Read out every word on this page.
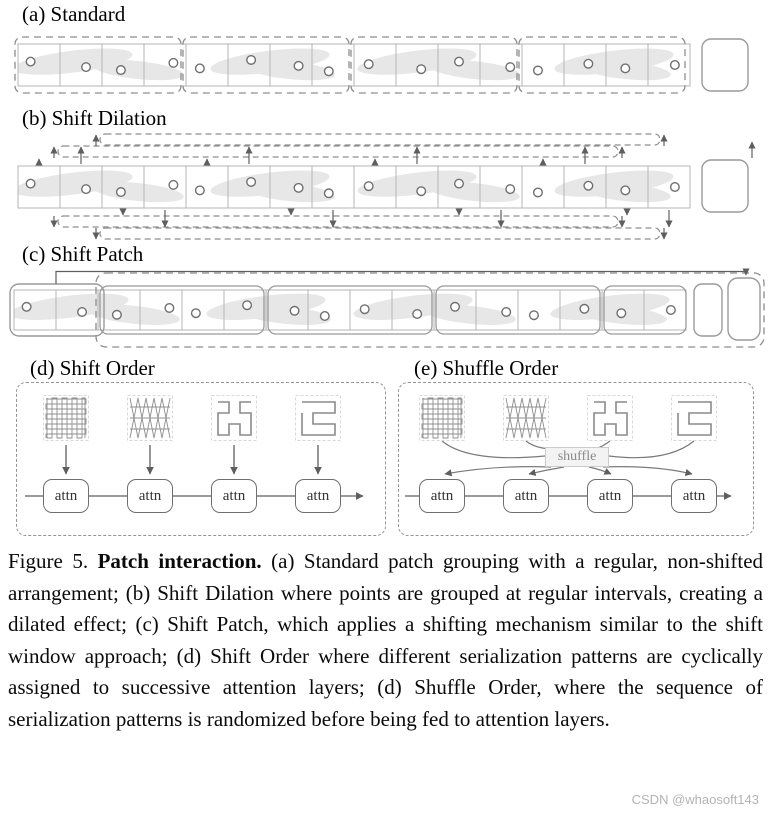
(a) Standard
(b) Shift Dilation
(c) Shift Patch
(d) Shift Order	(e) Shuffle Order
attn	attn	attn	attn
shuffle
attn	attn	attn	attn

Figure 5. Patch interaction. (a) Standard patch grouping with a regular, non-shifted arrangement; (b) Shift Dilation where points are grouped at regular intervals, creating a dilated effect; (c) Shift Patch, which applies a shifting mechanism similar to the shift window approach; (d) Shift Order where different serialization patterns are cyclically assigned to successive attention layers; (d) Shuffle Order, where the sequence of serialization patterns is randomized before being fed to attention layers.

CSDN @whaosoft143
